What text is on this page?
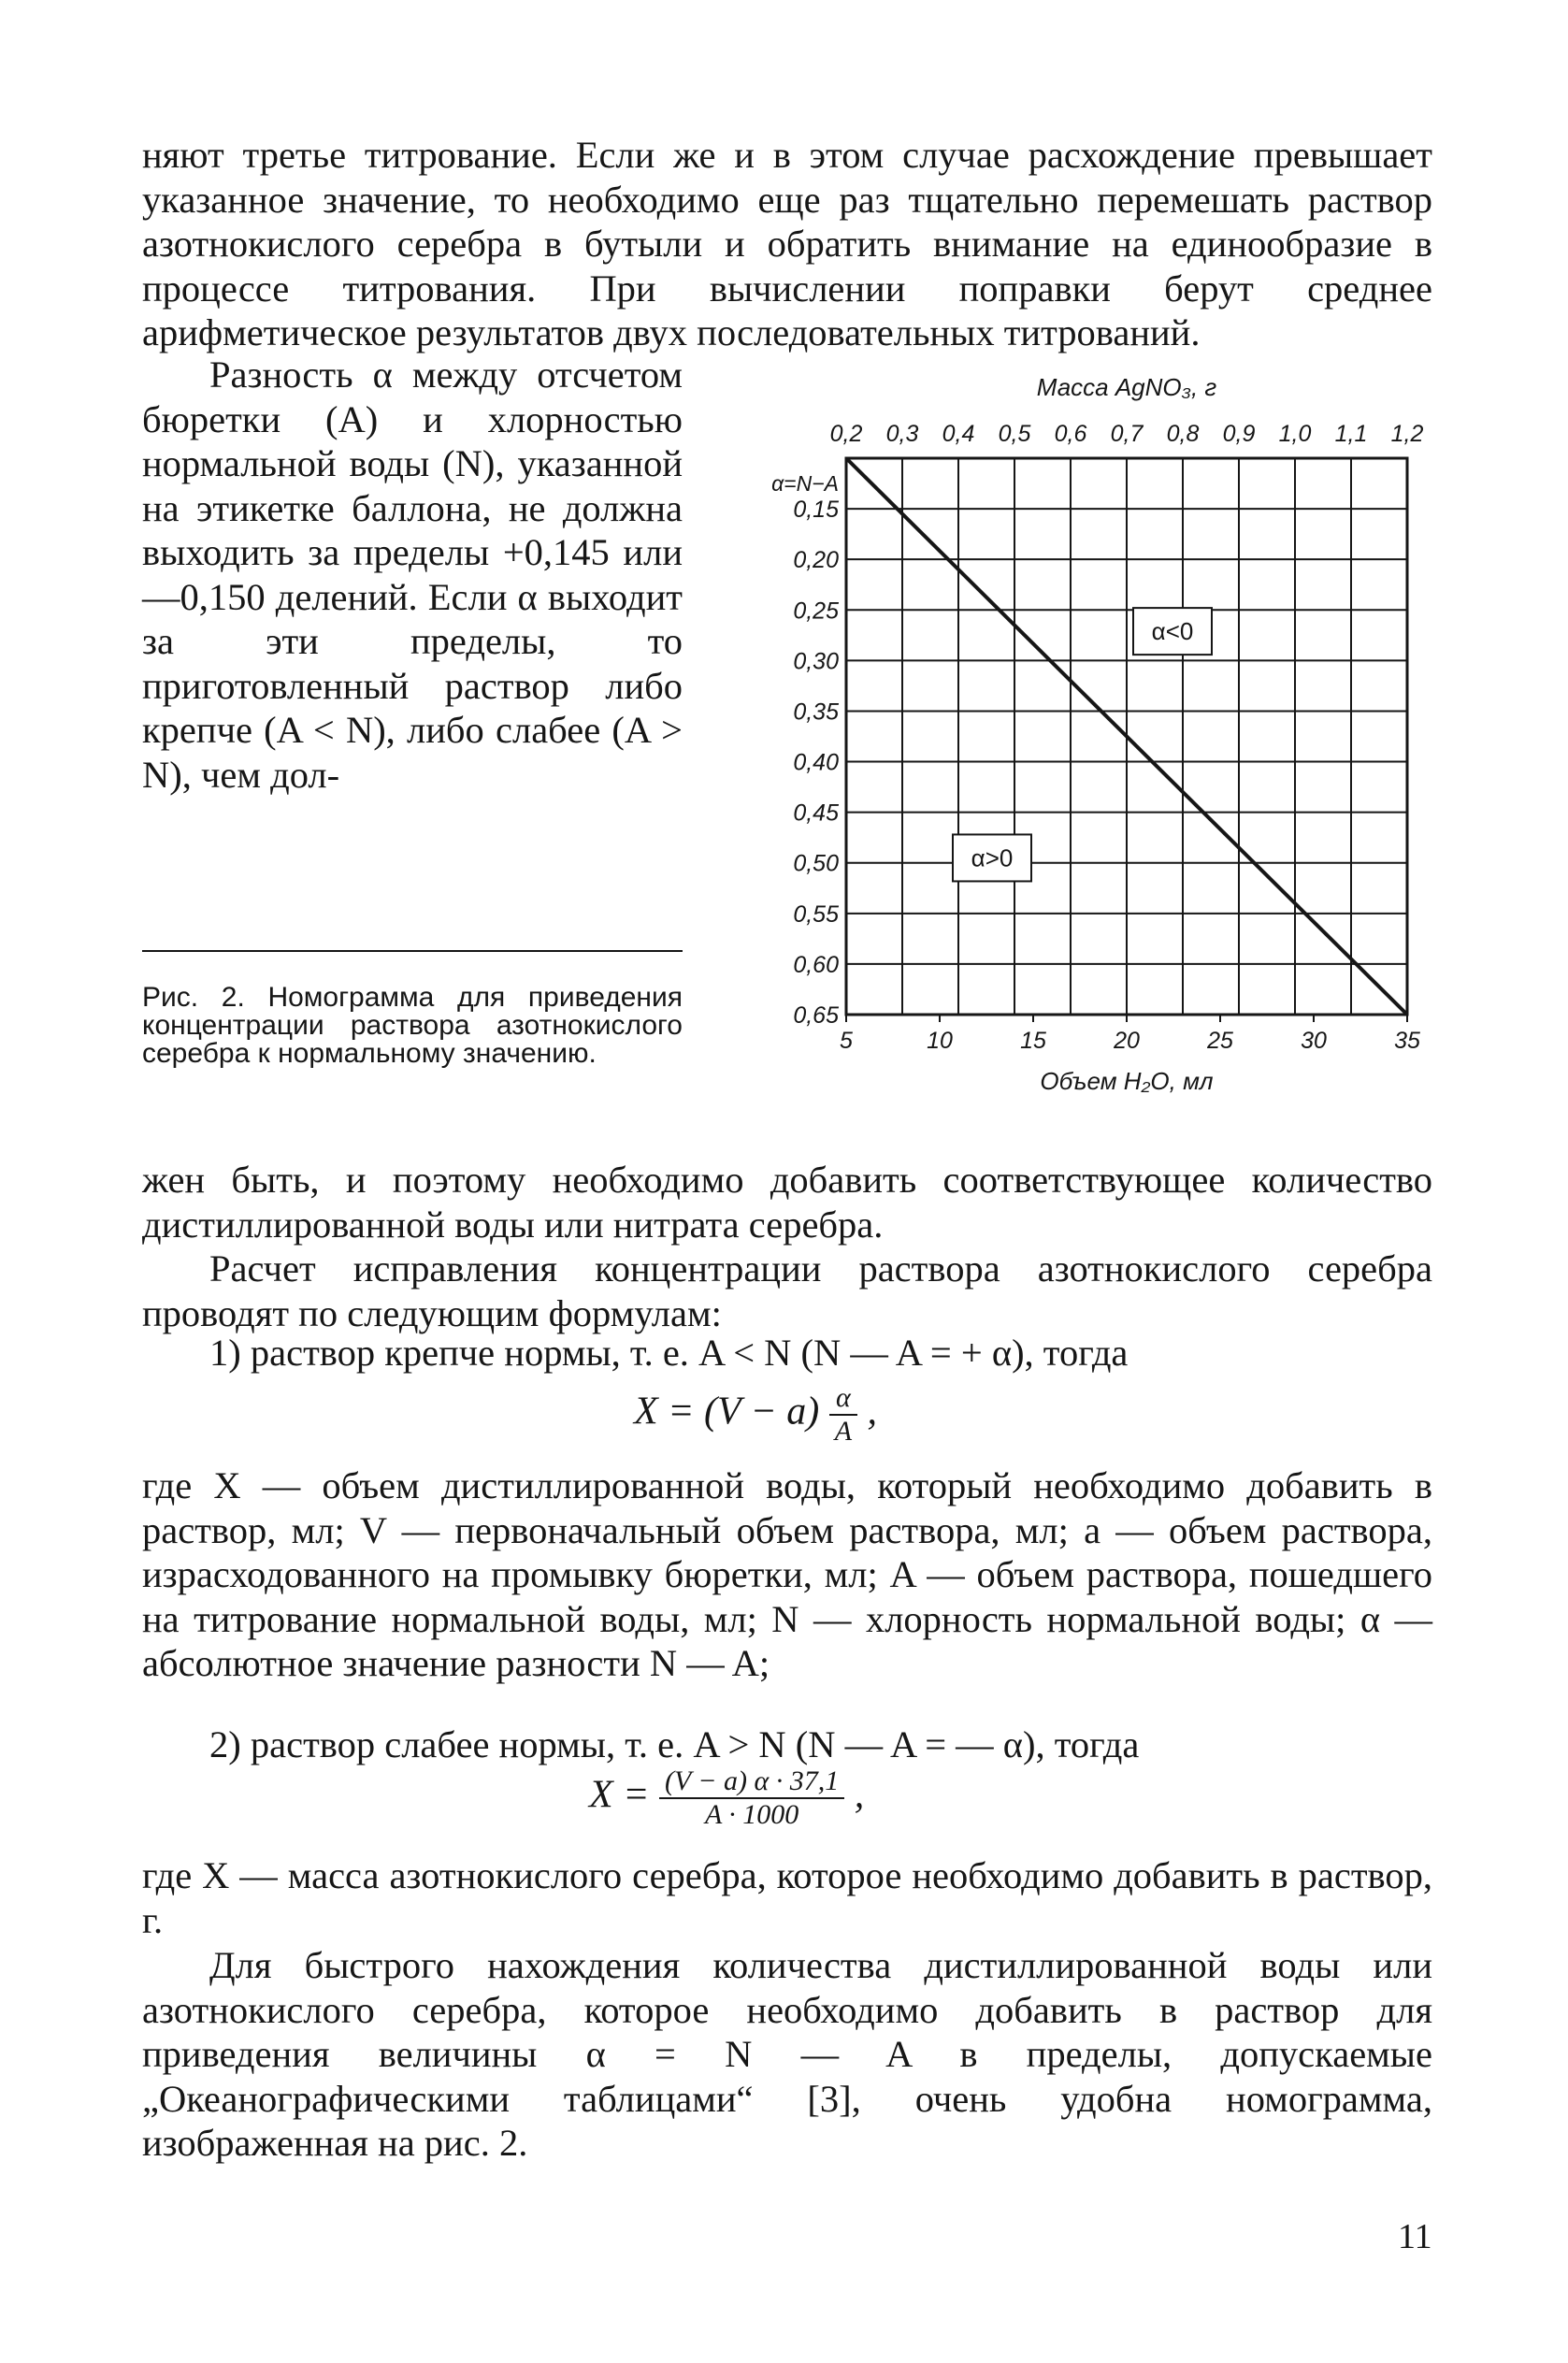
няют третье титрование. Если же и в этом случае расхождение превышает указанное значение, то необходимо еще раз тщательно перемешать раствор азотнокислого серебра в бутыли и обратить внимание на единообразие в процессе титрования. При вычислении поправки берут среднее арифметическое результатов двух последовательных титрований.

Разность α между отсчетом бюретки (A) и хлорностью нормальной воды (N), указанной на этикетке баллона, не должна выходить за пределы +0,145 или —0,150 делений. Если α выходит за эти пределы, то приготовленный раствор либо крепче (A < N), либо слабее (A > N), чем дол-

Рис. 2. Номограмма для приведения концентрации раствора азотнокислого серебра к нормальному значению.
0,2 0,3 0,4 0,5 0,6 0,7 0,8 0,9 1,0 1,1 1,2
0,15
0,20
0,25
0,30
0,35
0,40
0,45
0,50
0,55
0,60
0,65
5	10	15	20	25	30	35
Масса AgNO₃, г
α=N−A
Объем H₂O, мл
α<0
α>0

жен быть, и поэтому необходимо добавить соответствующее количество дистиллированной воды или нитрата серебра.

Расчет исправления концентрации раствора азотнокислого серебра проводят по следующим формулам:

1) раствор крепче нормы, т. е. A < N (N — A = + α), тогда

$X = (V - a) \frac{\alpha}{A}$ ,

где X — объем дистиллированной воды, который необходимо добавить в раствор, мл; V — первоначальный объем раствора, мл; a — объем раствора, израсходованного на промывку бюретки, мл; A — объем раствора, пошедшего на титрование нормальной воды, мл; N — хлорность нормальной воды; α — абсолютное значение разности N — A;

2) раствор слабее нормы, т. е. A > N (N — A = — α), тогда

$X = \frac{(V - a) \alpha \cdot 37,1}{A \cdot 1000}$ ,

где X — масса азотнокислого серебра, которое необходимо добавить в раствор, г.

Для быстрого нахождения количества дистиллированной воды или азотнокислого серебра, которое необходимо добавить в раствор для приведения величины α = N — A в пределы, допускаемые „Океанографическими таблицами“ [3], очень удобна номограмма, изображенная на рис. 2.

11
